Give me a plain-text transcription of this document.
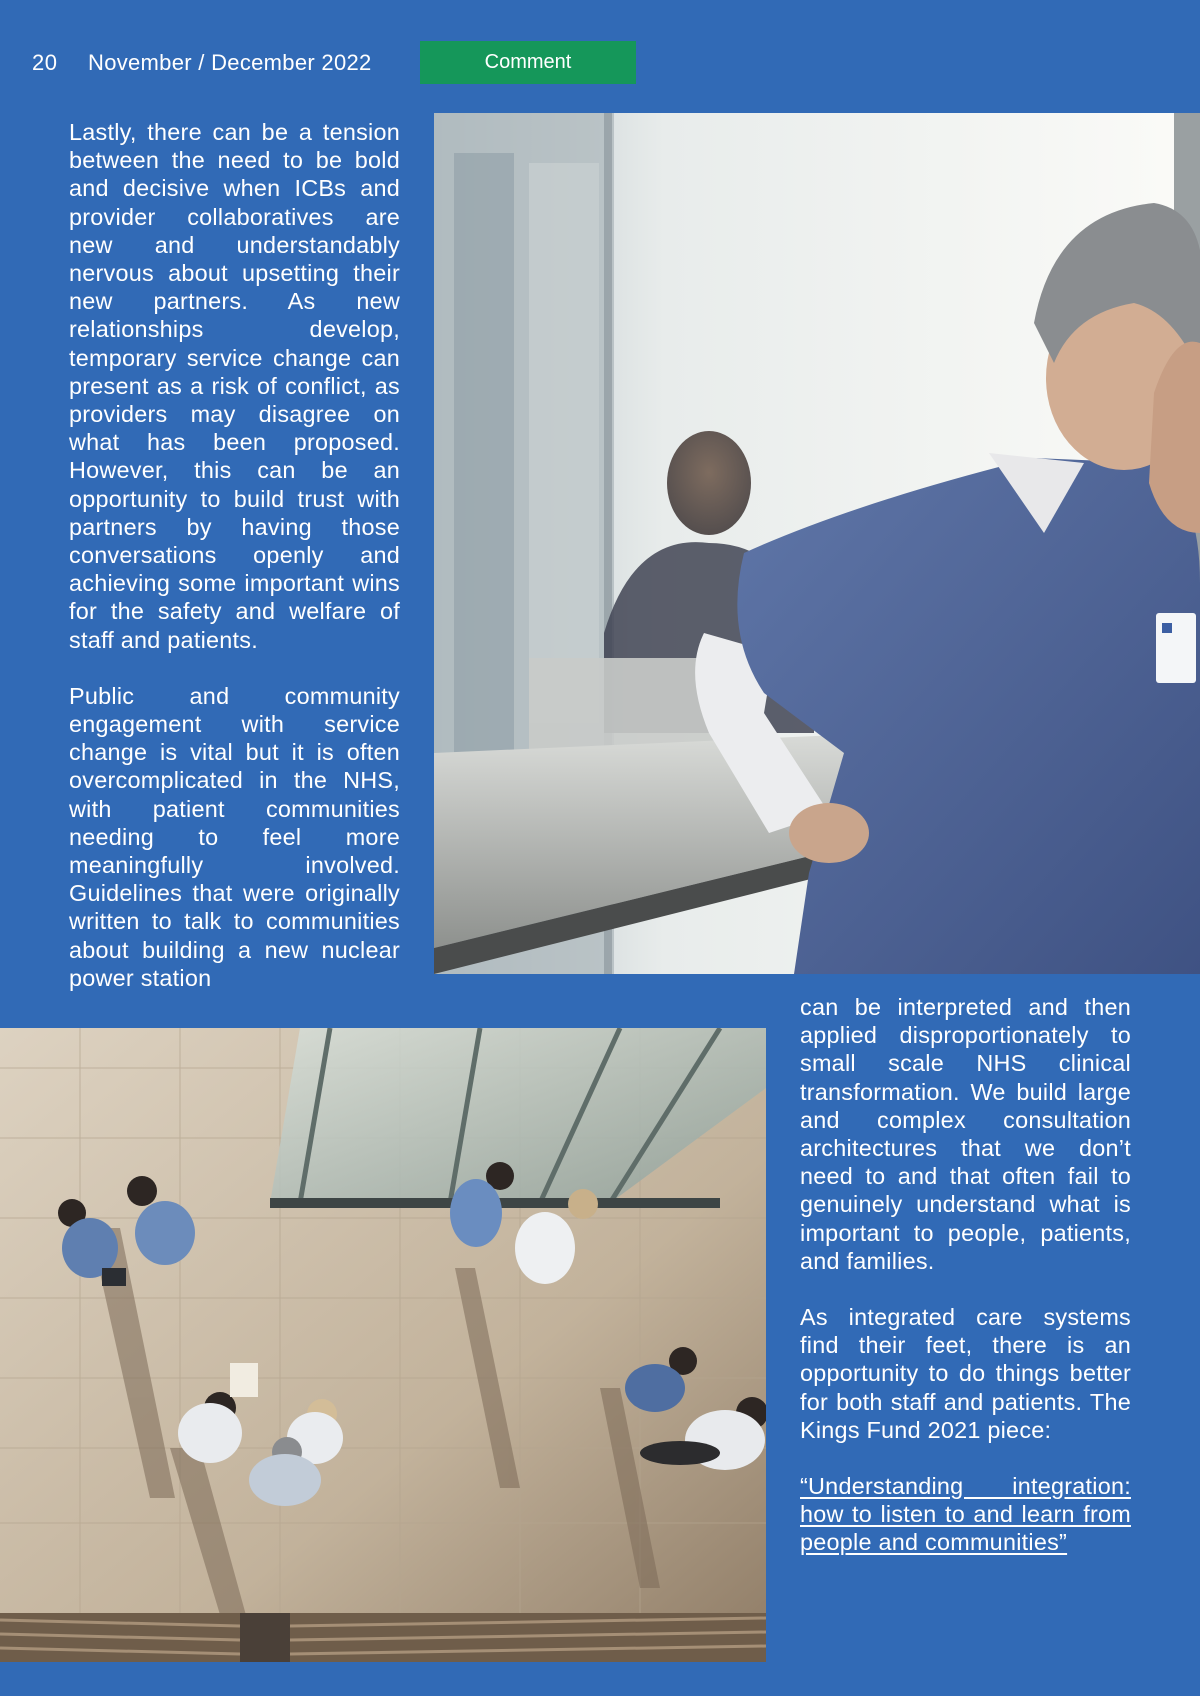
20 November / December 2022	Comment

Lastly, there can be a tension between the need to be bold and decisive when ICBs and provider collaboratives are new and understandably nervous about upsetting their new partners. As new relationships develop, temporary service change can present as a risk of conflict, as providers may disagree on what has been proposed. However, this can be an opportunity to build trust with partners by having those conversations openly and achieving some important wins for the safety and welfare of staff and patients.

Public and community engagement with service change is vital but it is often overcomplicated in the NHS, with patient communities needing to feel more meaningfully involved. Guidelines that were originally written to talk to communities about building a new nuclear power station

can be interpreted and then applied disproportionately to small scale NHS clinical transformation. We build large and complex consultation architectures that we don’t need to and that often fail to genuinely understand what is important to people, patients, and families.

As integrated care systems find their feet, there is an opportunity to do things better for both staff and patients. The Kings Fund 2021 piece:

“Understanding integration: how to listen to and learn from people and communities”
